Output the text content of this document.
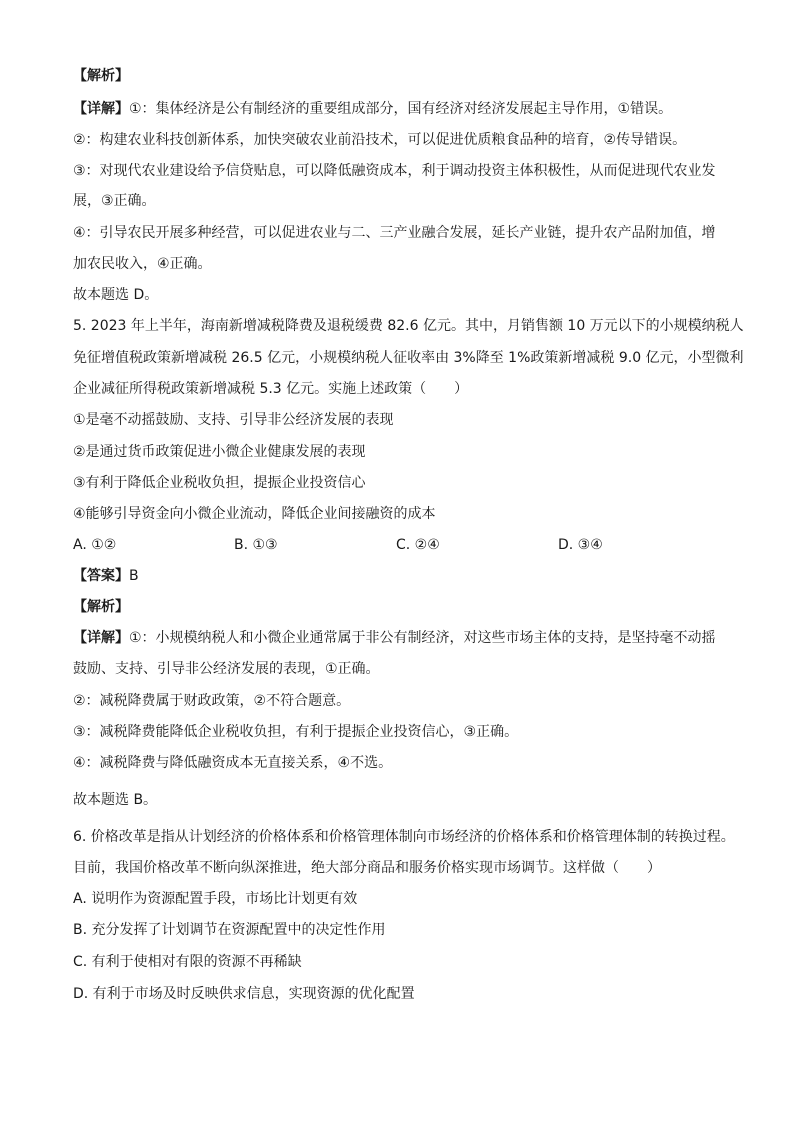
【解析】
【详解】①：集体经济是公有制经济的重要组成部分，国有经济对经济发展起主导作用，①错误。
②：构建农业科技创新体系，加快突破农业前沿技术，可以促进优质粮食品种的培育，②传导错误。
③：对现代农业建设给予信贷贴息，可以降低融资成本，利于调动投资主体积极性，从而促进现代农业发
展，③正确。
④：引导农民开展多种经营，可以促进农业与二、三产业融合发展，延长产业链，提升农产品附加值，增
加农民收入，④正确。
故本题选 D。
5. 2023 年上半年，海南新增减税降费及退税缓费 82.6 亿元。其中，月销售额 10 万元以下的小规模纳税人
免征增值税政策新增减税 26.5 亿元，小规模纳税人征收率由 3%降至 1%政策新增减税 9.0 亿元，小型微利
企业减征所得税政策新增减税 5.3 亿元。实施上述政策（　　）
①是毫不动摇鼓励、支持、引导非公经济发展的表现
②是通过货币政策促进小微企业健康发展的表现
③有利于降低企业税收负担，提振企业投资信心
④能够引导资金向小微企业流动，降低企业间接融资的成本
A. ①②	B. ①③	C. ②④	D. ③④
【答案】B
【解析】
【详解】①：小规模纳税人和小微企业通常属于非公有制经济，对这些市场主体的支持，是坚持毫不动摇
鼓励、支持、引导非公经济发展的表现，①正确。
②：减税降费属于财政政策，②不符合题意。
③：减税降费能降低企业税收负担，有利于提振企业投资信心，③正确。
④：减税降费与降低融资成本无直接关系，④不选。
故本题选 B。
6. 价格改革是指从计划经济的价格体系和价格管理体制向市场经济的价格体系和价格管理体制的转换过程。
目前，我国价格改革不断向纵深推进，绝大部分商品和服务价格实现市场调节。这样做（　　）
A. 说明作为资源配置手段，市场比计划更有效
B. 充分发挥了计划调节在资源配置中的决定性作用
C. 有利于使相对有限的资源不再稀缺
D. 有利于市场及时反映供求信息，实现资源的优化配置
